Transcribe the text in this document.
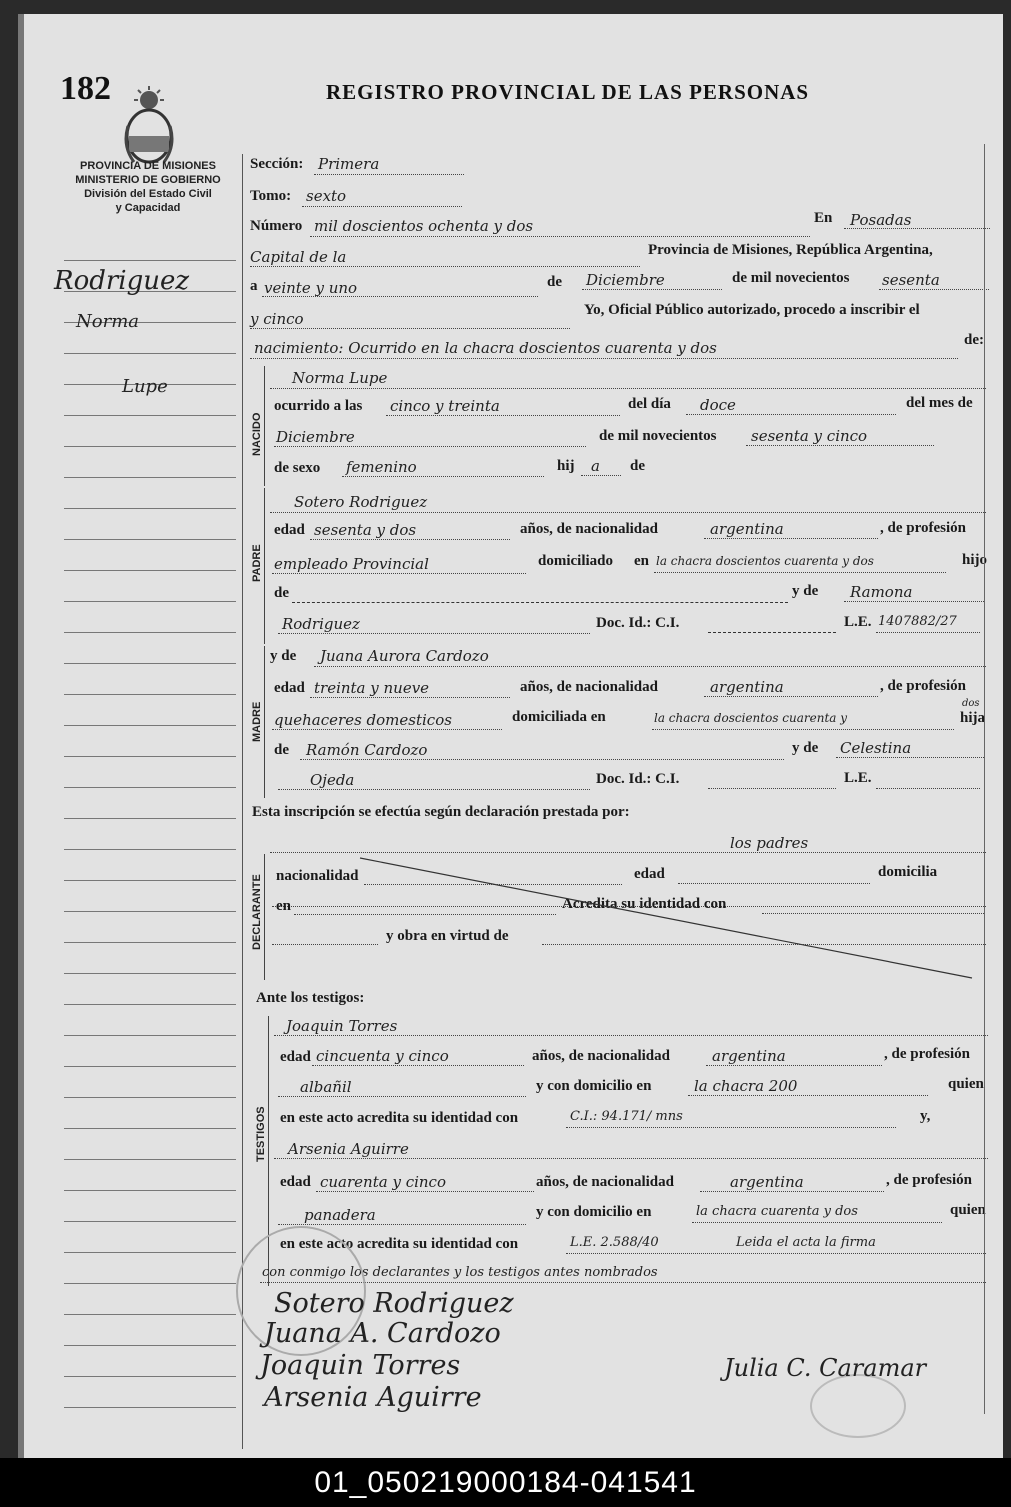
182	REGISTRO PROVINCIAL DE LAS PERSONAS
PROVINCIA DE MISIONES
MINISTERIO DE GOBIERNO
División del Estado Civil
y Capacidad
Rodriguez
Norma
Lupe
Sección: Primera
Tomo: sexto
Número mil doscientos ochenta y dos	En Posadas
Capital de la	Provincia de Misiones, República Argentina,
a veinte y uno	de Diciembre	de mil novecientos sesenta
y cinco	Yo, Oficial Público autorizado, procedo a inscribir el
nacimiento: Ocurrido en la chacra doscientos cuarenta y dos	de:
NACIDO
Norma Lupe
ocurrido a las cinco y treinta	del día doce	del mes de
Diciembre	de mil novecientos sesenta y cinco
de sexo femenino	hij a de
PADRE
Sotero Rodriguez
edad sesenta y dos	años, de nacionalidad	argentina	, de profesión
empleado Provincial	domiciliado en la chacra doscientos cuarenta y dos	hijo
de	y de Ramona
Rodriguez	Doc. Id.: C.I.	L.E. 1407882/27
MADRE
y de Juana Aurora Cardozo
edad treinta y nueve	años, de nacionalidad	argentina	, de profesión
quehaceres domesticos	domiciliada en	la chacra doscientos cuarenta y
dos
hija
de Ramón Cardozo	y de Celestina
Ojeda	Doc. Id.: C.I.	L.E.
Esta inscripción se efectúa según declaración prestada por:
los padres
DECLARANTE nacionalidad	edad	domicilia
en	Acredita su identidad con
y obra en virtud de
Ante los testigos:
TESTIGOS
Joaquin Torres
edad cincuenta y cinco	años, de nacionalidad	argentina	, de profesión
albañil	y con domicilio en	la chacra 200	quien
en este acto acredita su identidad con	C.I.: 94.171/ mns	y,
Arsenia Aguirre
edad cuarenta y cinco	años, de nacionalidad	argentina	, de profesión
panadera	y con domicilio en	la chacra cuarenta y dos	quien
en este acto acredita su identidad con	L.E. 2.588/40	Leida el acta la firma
con conmigo los declarantes y los testigos antes nombrados
Sotero Rodriguez
Juana A. Cardozo
Joaquin Torres
Arsenia Aguirre
Julia C. Caramar
01_050219000184-041541
